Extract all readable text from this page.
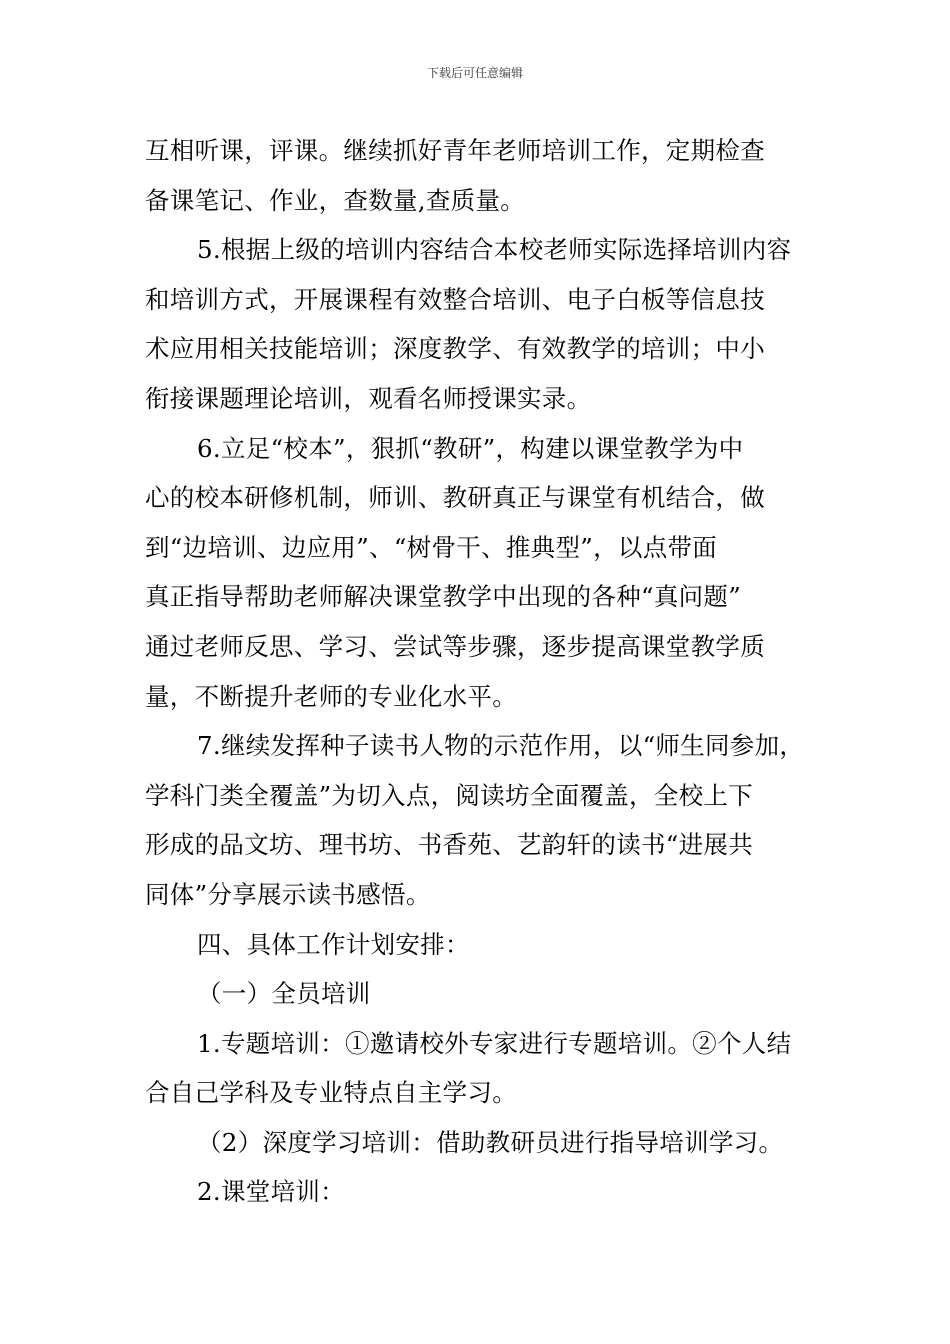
下载后可任意编辑
互相听课，评课。继续抓好青年老师培训工作，定期检查
备课笔记、作业，查数量,查质量。
5.根据上级的培训内容结合本校老师实际选择培训内容
和培训方式，开展课程有效整合培训、电子白板等信息技
术应用相关技能培训；深度教学、有效教学的培训；中小
衔接课题理论培训，观看名师授课实录。
6.立足“校本”，狠抓“教研”，构建以课堂教学为中
心的校本研修机制，师训、教研真正与课堂有机结合，做
到“边培训、边应用”、“树骨干、推典型”，以点带面
真正指导帮助老师解决课堂教学中出现的各种“真问题”
通过老师反思、学习、尝试等步骤，逐步提高课堂教学质
量，不断提升老师的专业化水平。
7.继续发挥种子读书人物的示范作用，以“师生同参加，
学科门类全覆盖”为切入点，阅读坊全面覆盖，全校上下
形成的品文坊、理书坊、书香苑、艺韵轩的读书“进展共
同体”分享展示读书感悟。
四、具体工作计划安排：
（一）全员培训
1.专题培训：①邀请校外专家进行专题培训。②个人结
合自己学科及专业特点自主学习。
（2）深度学习培训：借助教研员进行指导培训学习。
2.课堂培训：
